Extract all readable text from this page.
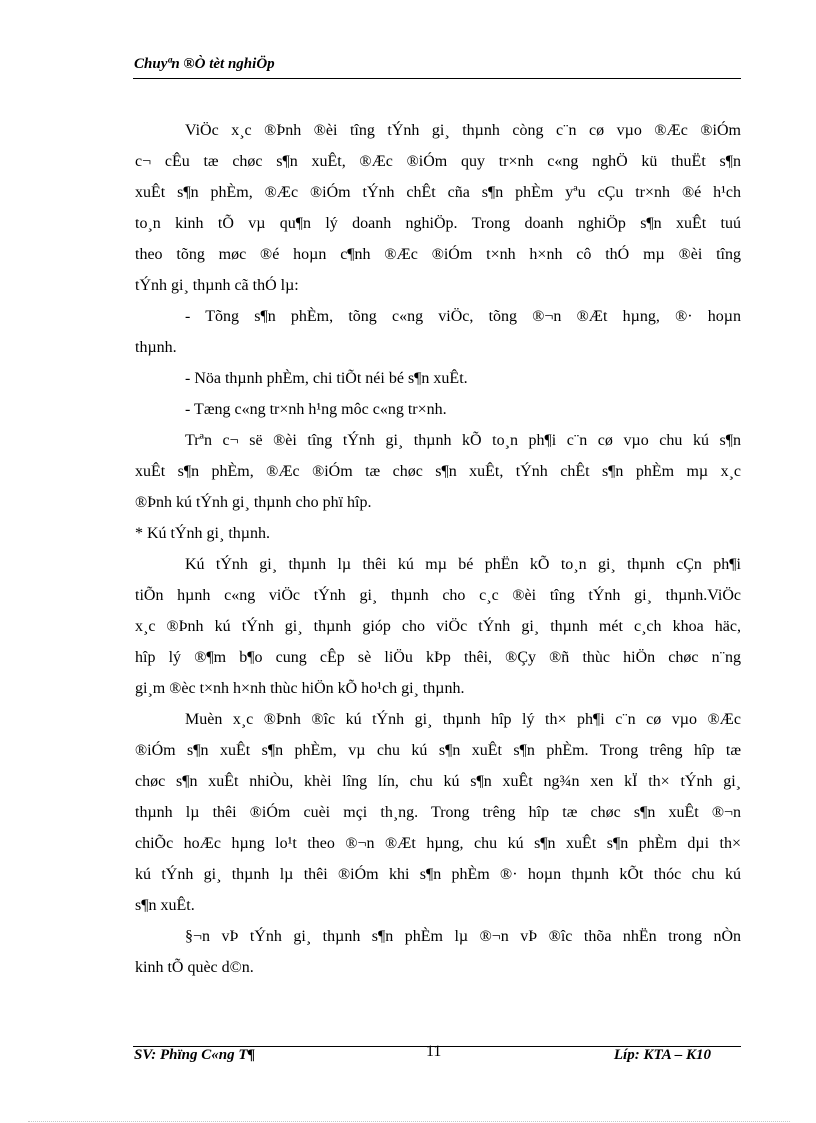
Chuyªn ®Ò tèt nghiÖp
ViÖc x¸c ®Þnh ®èi tîng tÝnh gi¸ thµnh còng c¨n cø vµo ®Æc ®iÓm
c¬ cÊu tæ chøc s¶n xuÊt, ®Æc ®iÓm quy tr×nh c«ng nghÖ kü thuËt s¶n
xuÊt s¶n phÈm, ®Æc ®iÓm tÝnh chÊt cña s¶n phÈm yªu cÇu tr×nh ®é h¹ch
to¸n kinh tÕ vµ qu¶n lý doanh nghiÖp. Trong doanh nghiÖp s¶n xuÊt tuú
theo tõng møc ®é hoµn c¶nh ®Æc ®iÓm t×nh h×nh cô thÓ mµ ®èi tîng
tÝnh gi¸ thµnh cã thÓ lµ:
- Tõng s¶n phÈm, tõng c«ng viÖc, tõng ®¬n ®Æt hµng, ®· hoµn
thµnh.
- Nöa thµnh phÈm, chi tiÕt néi bé s¶n xuÊt.
- Tæng c«ng tr×nh h¹ng môc c«ng tr×nh.
Trªn c¬ së ®èi tîng tÝnh gi¸ thµnh kÕ to¸n ph¶i c¨n cø vµo chu kú s¶n
xuÊt s¶n phÈm, ®Æc ®iÓm tæ chøc s¶n xuÊt, tÝnh chÊt s¶n phÈm mµ x¸c
®Þnh kú tÝnh gi¸ thµnh cho phï hîp.
* Kú tÝnh gi¸ thµnh.
Kú tÝnh gi¸ thµnh lµ thêi kú mµ bé phËn kÕ to¸n gi¸ thµnh cÇn ph¶i
tiÕn hµnh c«ng viÖc tÝnh gi¸ thµnh cho c¸c ®èi tîng tÝnh gi¸ thµnh.ViÖc
x¸c ®Þnh kú tÝnh gi¸ thµnh gióp cho viÖc tÝnh gi¸ thµnh mét c¸ch khoa häc,
hîp lý ®¶m b¶o cung cÊp sè liÖu kÞp thêi, ®Çy ®ñ thùc hiÖn chøc n¨ng
gi¸m ®èc t×nh h×nh thùc hiÖn kÕ ho¹ch gi¸ thµnh.
Muèn x¸c ®Þnh ®îc kú tÝnh gi¸ thµnh hîp lý th× ph¶i c¨n cø vµo ®Æc
®iÓm s¶n xuÊt s¶n phÈm, vµ chu kú s¶n xuÊt s¶n phÈm. Trong trêng hîp tæ
chøc s¶n xuÊt nhiÒu, khèi lîng lín, chu kú s¶n xuÊt ng¾n xen kÏ th× tÝnh gi¸
thµnh lµ thêi ®iÓm cuèi mçi th¸ng. Trong trêng hîp tæ chøc s¶n xuÊt ®¬n
chiÕc hoÆc hµng lo¹t theo ®¬n ®Æt hµng, chu kú s¶n xuÊt s¶n phÈm dµi th×
kú tÝnh gi¸ thµnh lµ thêi ®iÓm khi s¶n phÈm ®· hoµn thµnh kÕt thóc chu kú
s¶n xuÊt.
§¬n vÞ tÝnh gi¸ thµnh s¶n phÈm lµ ®¬n vÞ ®îc thõa nhËn trong nÒn
kinh tÕ quèc d©n.
SV: Phïng C«ng T¶	11	Líp: KTA – K10
